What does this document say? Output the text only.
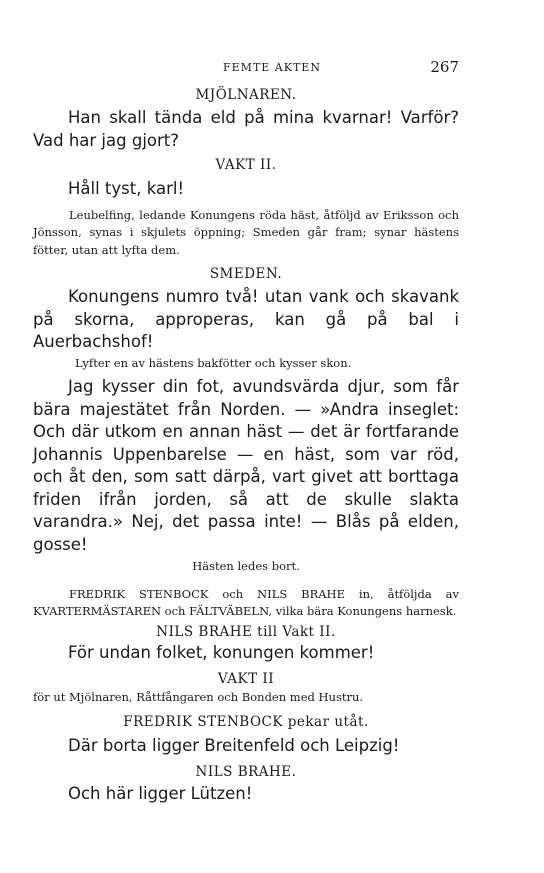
FEMTE AKTEN	267

MJÖLNAREN.

Han skall tända eld på mina kvarnar! Varför? Vad har jag gjort?

VAKT II.

Håll tyst, karl!

Leubelfing, ledande Konungens röda häst, åtföljd av Eriksson och Jönsson, synas i skjulets öppning; Smeden går fram; synar hästens fötter, utan att lyfta dem.

SMEDEN.

Konungens numro två! utan vank och skavank på skorna, approperas, kan gå på bal i Auerbachshof!

Lyfter en av hästens bakfötter och kysser skon.

Jag kysser din fot, avundsvärda djur, som får bära majestätet från Norden. — »Andra inseglet: Och där utkom en annan häst — det är fortfarande Johannis Uppenbarelse — en häst, som var röd, och åt den, som satt därpå, vart givet att borttaga friden ifrån jorden, så att de skulle slakta varandra.» Nej, det passa inte! — Blås på elden, gosse!

Hästen ledes bort.

FREDRIK STENBOCK och NILS BRAHE in, åtföljda av KVARTERMÄSTAREN och FÄLTVÄBELN, vilka bära Konungens harnesk.

NILS BRAHE till Vakt II.

För undan folket, konungen kommer!

VAKT II

för ut Mjölnaren, Råttfångaren och Bonden med Hustru.

FREDRIK STENBOCK pekar utåt.

Där borta ligger Breitenfeld och Leipzig!

NILS BRAHE.

Och här ligger Lützen!
